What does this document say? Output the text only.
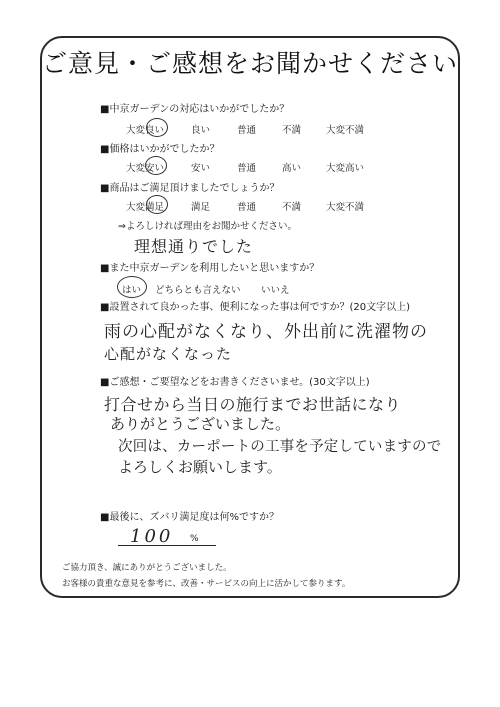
ご意見・ご感想をお聞かせください
■中京ガーデンの対応はいかがでしたか？
大変良い	良い	普通	不満	大変不満
■価格はいかがでしたか？
大変安い	安い	普通	高い	大変高い
■商品はご満足頂けましたでしょうか？
大変満足	満足	普通	不満	大変不満
⇒よろしければ理由をお聞かせください。
理想通りでした
■また中京ガーデンを利用したいと思いますか？
はい どちらとも言えない いいえ
■設置されて良かった事、便利になった事は何ですか？(20文字以上)
雨の心配がなくなり、外出前に洗濯物の
心配がなくなった
■ご感想・ご要望などをお書きくださいませ。(30文字以上)
打合せから当日の施行までお世話になり
ありがとうございました。
次回は、カーポートの工事を予定していますので
よろしくお願いします。
■最後に、ズバリ満足度は何%ですか？
100 %
ご協力頂き、誠にありがとうございました。
お客様の貴重な意見を参考に、改善・サービスの向上に活かして参ります。
